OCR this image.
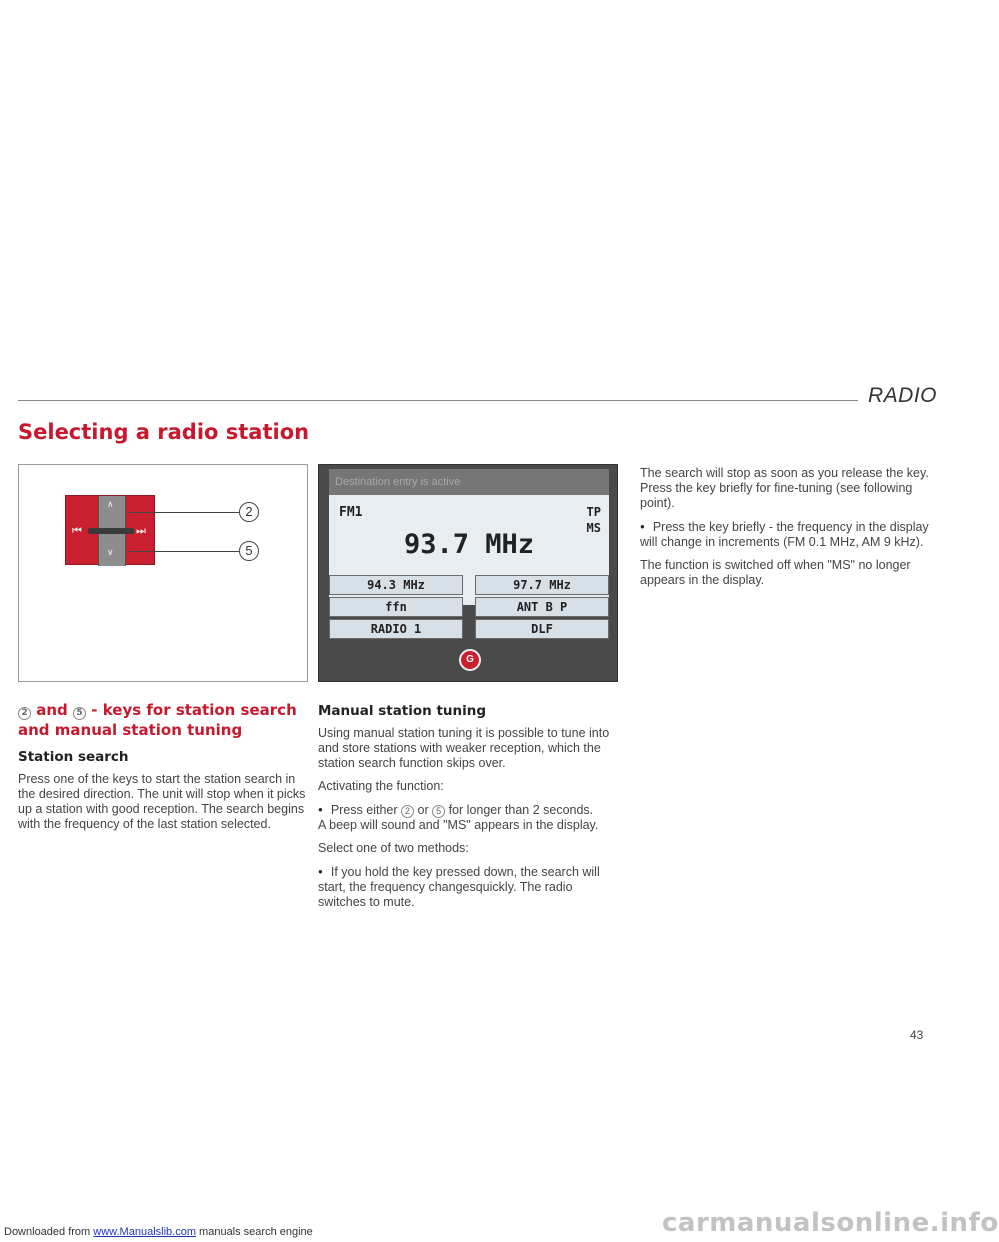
RADIO
Selecting a radio station
⏮	⏭
∧
∨
2
5
Destination entry is active
FM1	TP
MS
93.7 MHz
94.3 MHz	97.7 MHz
ffn	ANT B P
RADIO 1	DLF
G
2 and 5 - keys for station search and manual station tuning
Station search
Press one of the keys to start the station search in the desired direction. The unit will stop when it picks up a station with good reception. The search begins with the frequency of the last station selected.
Manual station tuning
Using manual station tuning it is possible to tune into and store stations with weaker reception, which the station search function skips over.
Activating the function:
● Press either 2 or 5 for longer than 2 seconds.
A beep will sound and "MS" appears in the display.
Select one of two methods:
● If you hold the key pressed down, the search will start, the frequency changesquickly. The radio switches to mute.
The search will stop as soon as you release the key. Press the key briefly for fine-tuning (see following point).
● Press the key briefly - the frequency in the display will change in increments (FM 0.1 MHz, AM 9 kHz).
The function is switched off when "MS" no longer appears in the display.
43
carmanualsonline.info
Downloaded from www.Manualslib.com manuals search engine
